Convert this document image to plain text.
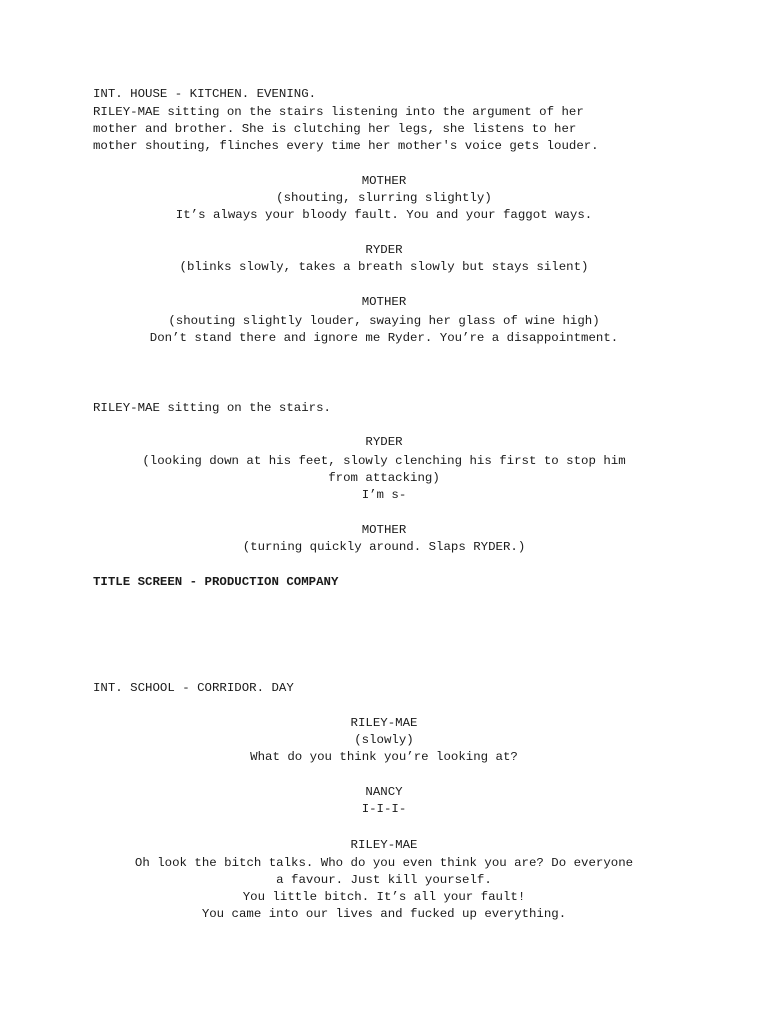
INT. HOUSE - KITCHEN. EVENING.

RILEY-MAE sitting on the stairs listening into the argument of her

mother and brother. She is clutching her legs, she listens to her

mother shouting, flinches every time her mother's voice gets louder.

MOTHER

(shouting, slurring slightly)

It’s always your bloody fault. You and your faggot ways.

RYDER

(blinks slowly, takes a breath slowly but stays silent)

MOTHER

(shouting slightly louder, swaying her glass of wine high)

Don’t stand there and ignore me Ryder. You’re a disappointment.

RILEY-MAE sitting on the stairs.

RYDER

(looking down at his feet, slowly clenching his first to stop him

from attacking)

I’m s-

MOTHER

(turning quickly around. Slaps RYDER.)

TITLE SCREEN - PRODUCTION COMPANY

INT. SCHOOL - CORRIDOR. DAY

RILEY-MAE

(slowly)

What do you think you’re looking at?

NANCY

I-I-I-

RILEY-MAE

Oh look the bitch talks. Who do you even think you are? Do everyone

a favour. Just kill yourself.

You little bitch. It’s all your fault!

You came into our lives and fucked up everything.
